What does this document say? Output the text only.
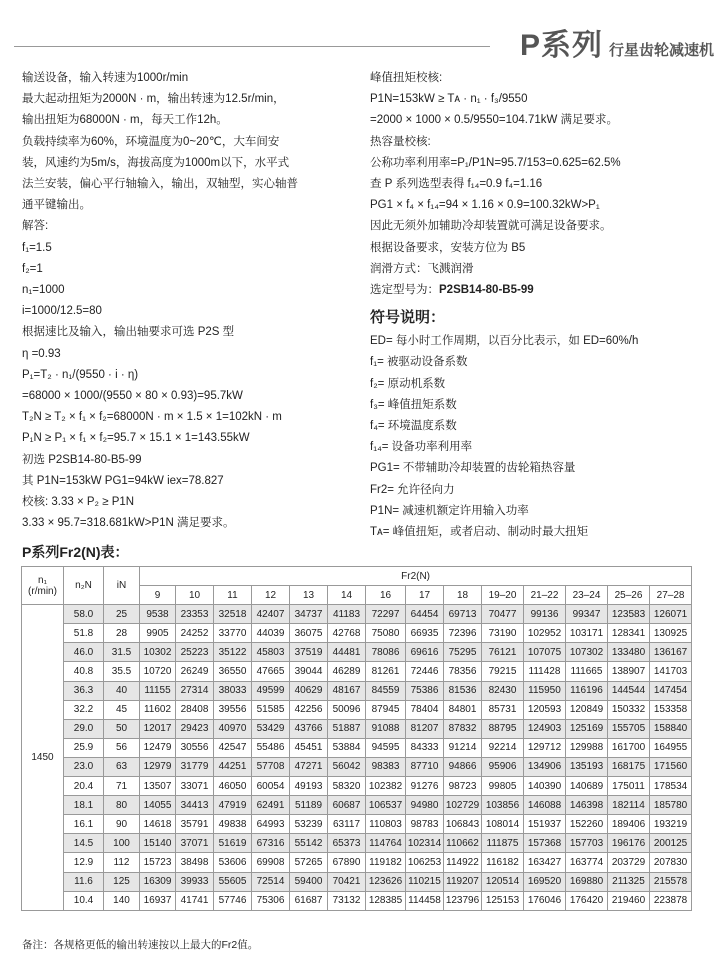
P系列 行星齿轮减速机
输送设备，输入转速为1000r/min
最大起动扭矩为2000N · m，输出转速为12.5r/min，
输出扭矩为68000N · m，每天工作12h。
负载持续率为60%，环境温度为0~20℃，大车间安
装，风速约为5m/s，海拔高度为1000m以下，水平式
法兰安装，偏心平行轴输入，输出，双轴型，实心轴普
通平键输出。
解答:
f₁=1.5
f₂=1
n₁=1000
i=1000/12.5=80
根据速比及输入，输出轴要求可选 P2S 型
η =0.93
P₁=T₂ · n₁/(9550 · i · η)
=68000 × 1000/(9550 × 80 × 0.93)=95.7kW
T₂N ≥ T₂ × f₁ × f₂=68000N · m × 1.5 × 1=102kN · m
P₁N ≥ P₁ × f₁ × f₂=95.7 × 15.1 × 1=143.55kW
初选 P2SB14-80-B5-99
其 P1N=153kW PG1=94kW iex=78.827
校核: 3.33 × P₂ ≥ P1N
3.33 × 95.7=318.681kW>P1N 满足要求。
峰值扭矩校核:
P1N=153kW ≥ Tᴀ · n₁ · f₃/9550
=2000 × 1000 × 0.5/9550=104.71kW 满足要求。
热容量校核:
公称功率利用率=P₁/P1N=95.7/153=0.625=62.5%
查 P 系列选型表得 f₁₄=0.9 f₄=1.16
PG1 × f₄ × f₁₄=94 × 1.16 × 0.9=100.32kW>P₁
因此无须外加辅助冷却装置就可满足设备要求。
根据设备要求，安装方位为 B5
润滑方式：飞溅润滑
选定型号为：P2SB14-80-B5-99
符号说明：
ED= 每小时工作周期，以百分比表示，如 ED=60%/h
f₁= 被驱动设备系数
f₂= 原动机系数
f₃= 峰值扭矩系数
f₄= 环境温度系数
f₁₄= 设备功率利用率
PG1= 不带辅助冷却装置的齿轮箱热容量
Fr2= 允许径向力
P1N= 减速机额定许用输入功率
Tᴀ= 峰值扭矩，或者启动、制动时最大扭矩
P系列Fr2(N)表：
n₁
(r/min)	n₂N	iN	Fr2(N)													
			9	10	11	12	13	14	16	17	18	19–20	21–22	23–24	25–26	27–28
1450	58.0	25	9538	23353	32518	42407	34737	41183	72297	64454	69713	70477	99136	99347	123583	126071
	51.8	28	9905	24252	33770	44039	36075	42768	75080	66935	72396	73190	102952	103171	128341	130925
	46.0	31.5	10302	25223	35122	45803	37519	44481	78086	69616	75295	76121	107075	107302	133480	136167
	40.8	35.5	10720	26249	36550	47665	39044	46289	81261	72446	78356	79215	111428	111665	138907	141703
	36.3	40	11155	27314	38033	49599	40629	48167	84559	75386	81536	82430	115950	116196	144544	147454
	32.2	45	11602	28408	39556	51585	42256	50096	87945	78404	84801	85731	120593	120849	150332	153358
	29.0	50	12017	29423	40970	53429	43766	51887	91088	81207	87832	88795	124903	125169	155705	158840
	25.9	56	12479	30556	42547	55486	45451	53884	94595	84333	91214	92214	129712	129988	161700	164955
	23.0	63	12979	31779	44251	57708	47271	56042	98383	87710	94866	95906	134906	135193	168175	171560
	20.4	71	13507	33071	46050	60054	49193	58320	102382	91276	98723	99805	140390	140689	175011	178534
	18.1	80	14055	34413	47919	62491	51189	60687	106537	94980	102729	103856	146088	146398	182114	185780
	16.1	90	14618	35791	49838	64993	53239	63117	110803	98783	106843	108014	151937	152260	189406	193219
	14.5	100	15140	37071	51619	67316	55142	65373	114764	102314	110662	111875	157368	157703	196176	200125
	12.9	112	15723	38498	53606	69908	57265	67890	119182	106253	114922	116182	163427	163774	203729	207830
	11.6	125	16309	39933	55605	72514	59400	70421	123626	110215	119207	120514	169520	169880	211325	215578
	10.4	140	16937	41741	57746	75306	61687	73132	128385	114458	123796	125153	176046	176420	219460	223878
备注：各规格更低的输出转速按以上最大的Fr2值。
